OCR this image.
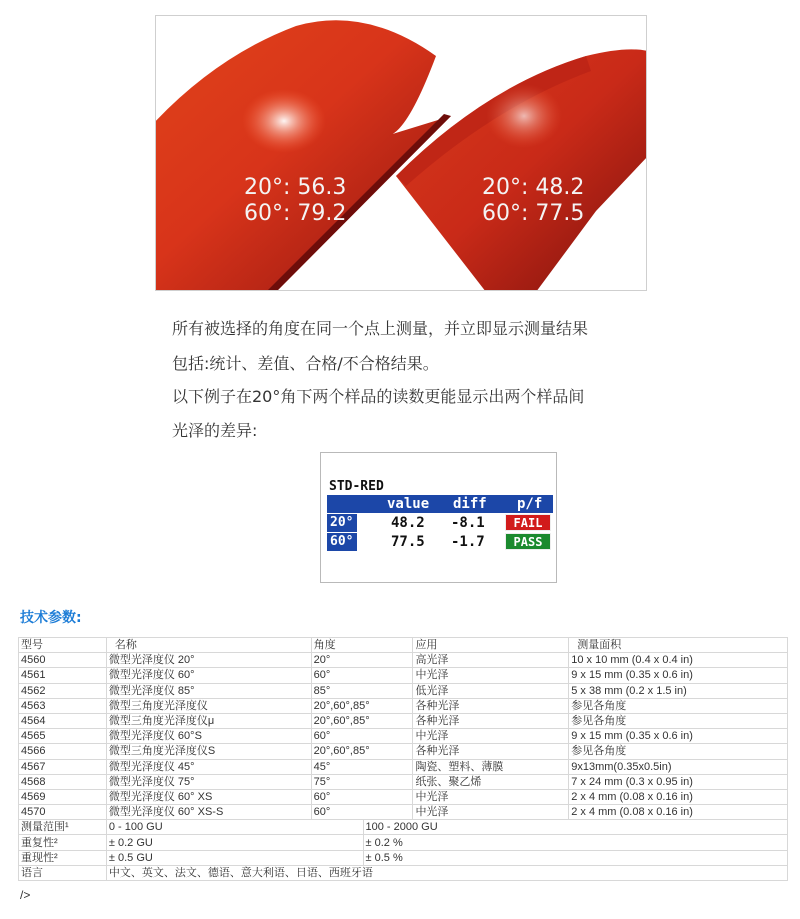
20°: 56.3
60°: 79.2
20°: 48.2
60°: 77.5
所有被选择的角度在同一个点上测量，并立即显示测量结果
包括:统计、差值、合格/不合格结果。
以下例子在20°角下两个样品的读数更能显示出两个样品间
光泽的差异:
STD-RED
value diff p/f
20°	48.2 -8.1	FAIL
60°	77.5 -1.7	PASS
技术参数:
型号	名称	角度		应用	测量面积
4560	微型光泽度仪 20°	20°		高光泽	10 x 10 mm (0.4 x 0.4 in)
4561	微型光泽度仪 60°	60°		中光泽	9 x 15 mm (0.35 x 0.6 in)
4562	微型光泽度仪 85°	85°		低光泽	5 x 38 mm (0.2 x 1.5 in)
4563	微型三角度光泽度仪	20°,60°,85°		各种光泽	参见各角度
4564	微型三角度光泽度仪μ	20°,60°,85°		各种光泽	参见各角度
4565	微型光泽度仪 60°S	60°		中光泽	9 x 15 mm (0.35 x 0.6 in)
4566	微型三角度光泽度仪S	20°,60°,85°		各种光泽	参见各角度
4567	微型光泽度仪 45°	45°		陶瓷、塑料、薄膜	9x13mm(0.35x0.5in)
4568	微型光泽度仪 75°	75°		纸张、聚乙烯	7 x 24 mm (0.3 x 0.95 in)
4569	微型光泽度仪 60° XS	60°		中光泽	2 x 4 mm (0.08 x 0.16 in)
4570	微型光泽度仪 60° XS-S	60°		中光泽	2 x 4 mm (0.08 x 0.16 in)
测量范围¹	0 - 100 GU		100 - 2000 GU		
重复性²	± 0.2 GU		± 0.2 %		
重现性²	± 0.5 GU		± 0.5 %		
语言	中文、英文、法文、德语、意大利语、日语、西班牙语				
/>
